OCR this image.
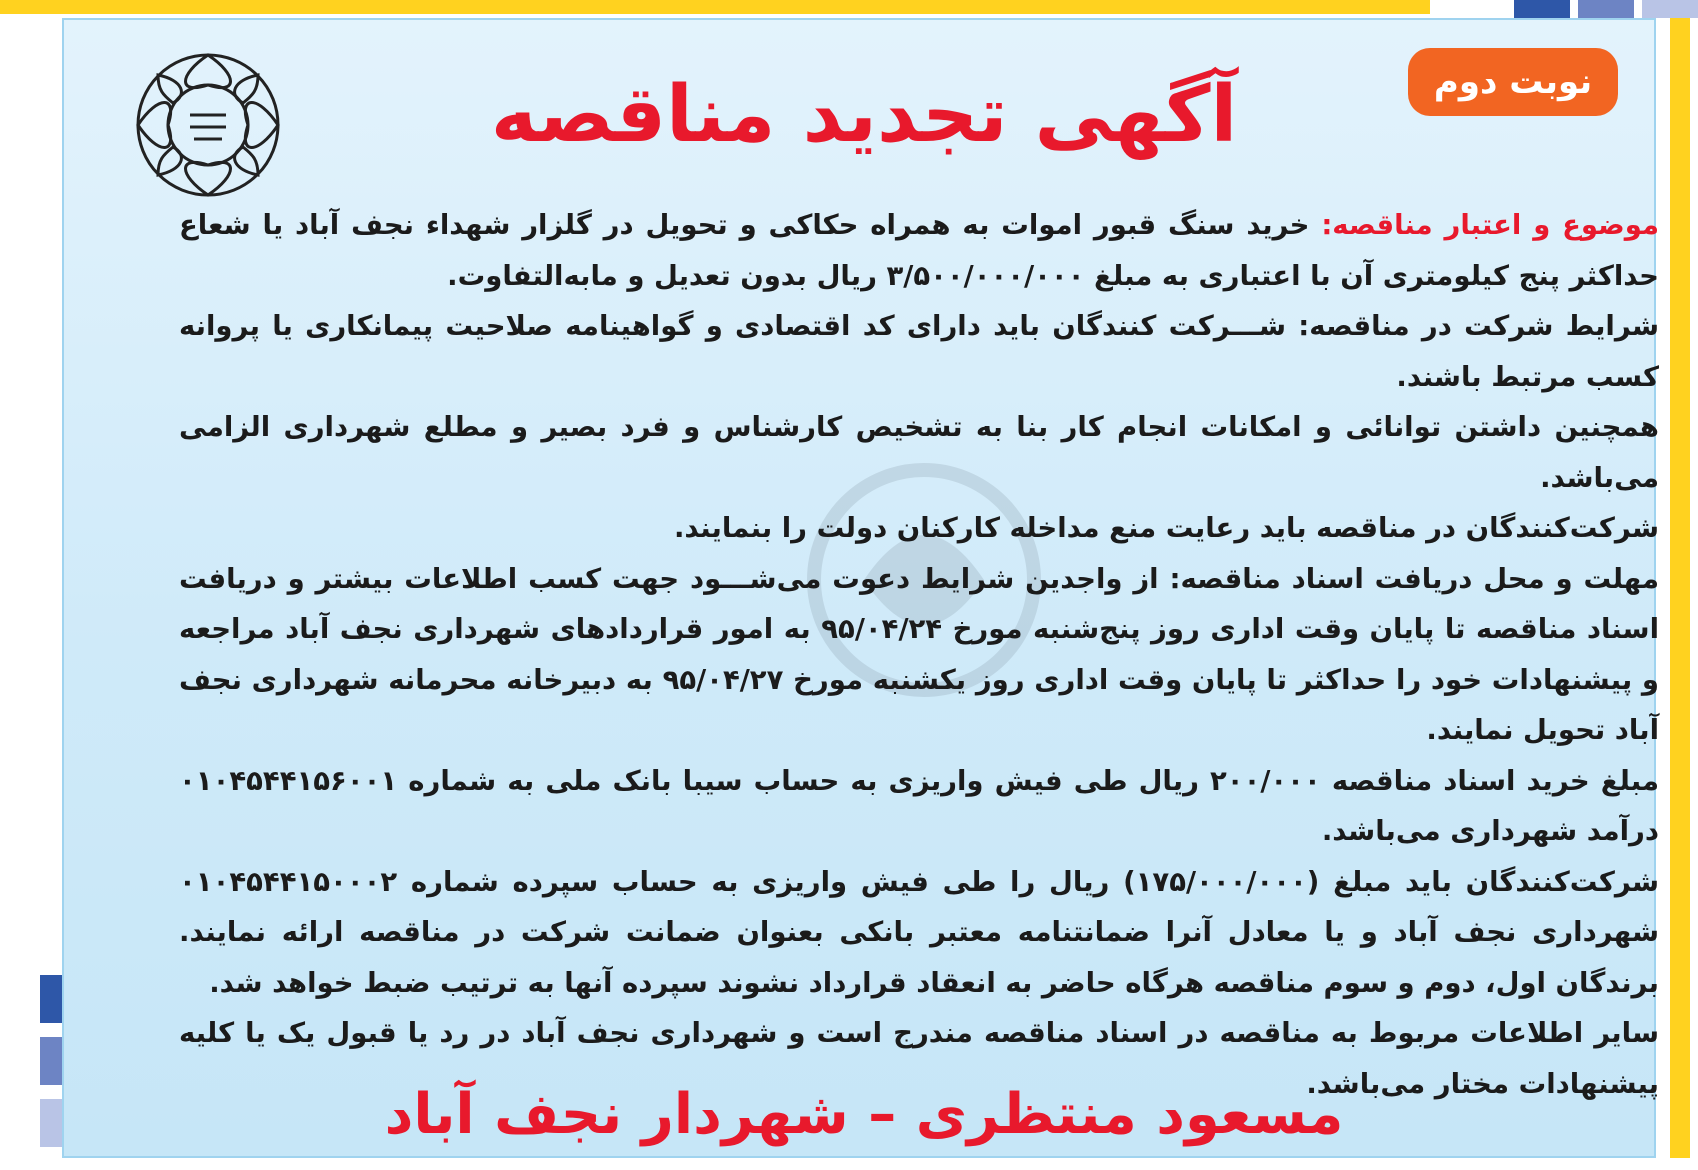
نوبت دوم
آگهی تجدید مناقصه

موضوع و اعتبار مناقصه: خرید سنگ قبور اموات به همراه حکاکی و تحویل در گلزار شهداء نجف آباد یا شعاع حداکثر پنج کیلومتری آن با اعتباری به مبلغ ۳/۵۰۰/۰۰۰/۰۰۰ ریال بدون تعدیل و مابه‌التفاوت.

شرایط شرکت در مناقصه: شـــرکت کنندگان باید دارای کد اقتصادی و گواهینامه صلاحیت پیمانکاری یا پروانه کسب مرتبط باشند.

همچنین داشتن توانائی و امکانات انجام کار بنا به تشخیص کارشناس و فرد بصیر و مطلع شهرداری الزامی می‌باشد.

شرکت‌کنندگان در مناقصه باید رعایت منع مداخله کارکنان دولت را بنمایند.

مهلت و محل دریافت اسناد مناقصه: از واجدین شرایط دعوت می‌شـــود جهت کسب اطلاعات بیشتر و دریافت اسناد مناقصه تا پایان وقت اداری روز پنج‌شنبه مورخ ۹۵/۰۴/۲۴ به امور قراردادهای شهرداری نجف آباد مراجعه و پیشنهادات خود را حداکثر تا پایان وقت اداری روز یکشنبه مورخ ۹۵/۰۴/۲۷ به دبیرخانه محرمانه شهرداری نجف آباد تحویل نمایند.

مبلغ خرید اسناد مناقصه ۲۰۰/۰۰۰ ریال طی فیش واریزی به حساب سیبا بانک ملی به شماره ۰۱۰۴۵۴۴۱۵۶۰۰۱ درآمد شهرداری می‌باشد.

شرکت‌کنندگان باید مبلغ (۱۷۵/۰۰۰/۰۰۰) ریال را طی فیش واریزی به حساب سپرده شماره ۰۱۰۴۵۴۴۱۵۰۰۰۲ شهرداری نجف آباد و یا معادل آنرا ضمانتنامه معتبر بانکی بعنوان ضمانت شرکت در مناقصه ارائه نمایند. برندگان اول، دوم و سوم مناقصه هرگاه حاضر به انعقاد قرارداد نشوند سپرده آنها به ترتیب ضبط خواهد شد.

سایر اطلاعات مربوط به مناقصه در اسناد مناقصه مندرج است و شهرداری نجف آباد در رد یا قبول یک یا کلیه پیشنهادات مختار می‌باشد.

مسعود منتظری – شهردار نجف آباد
